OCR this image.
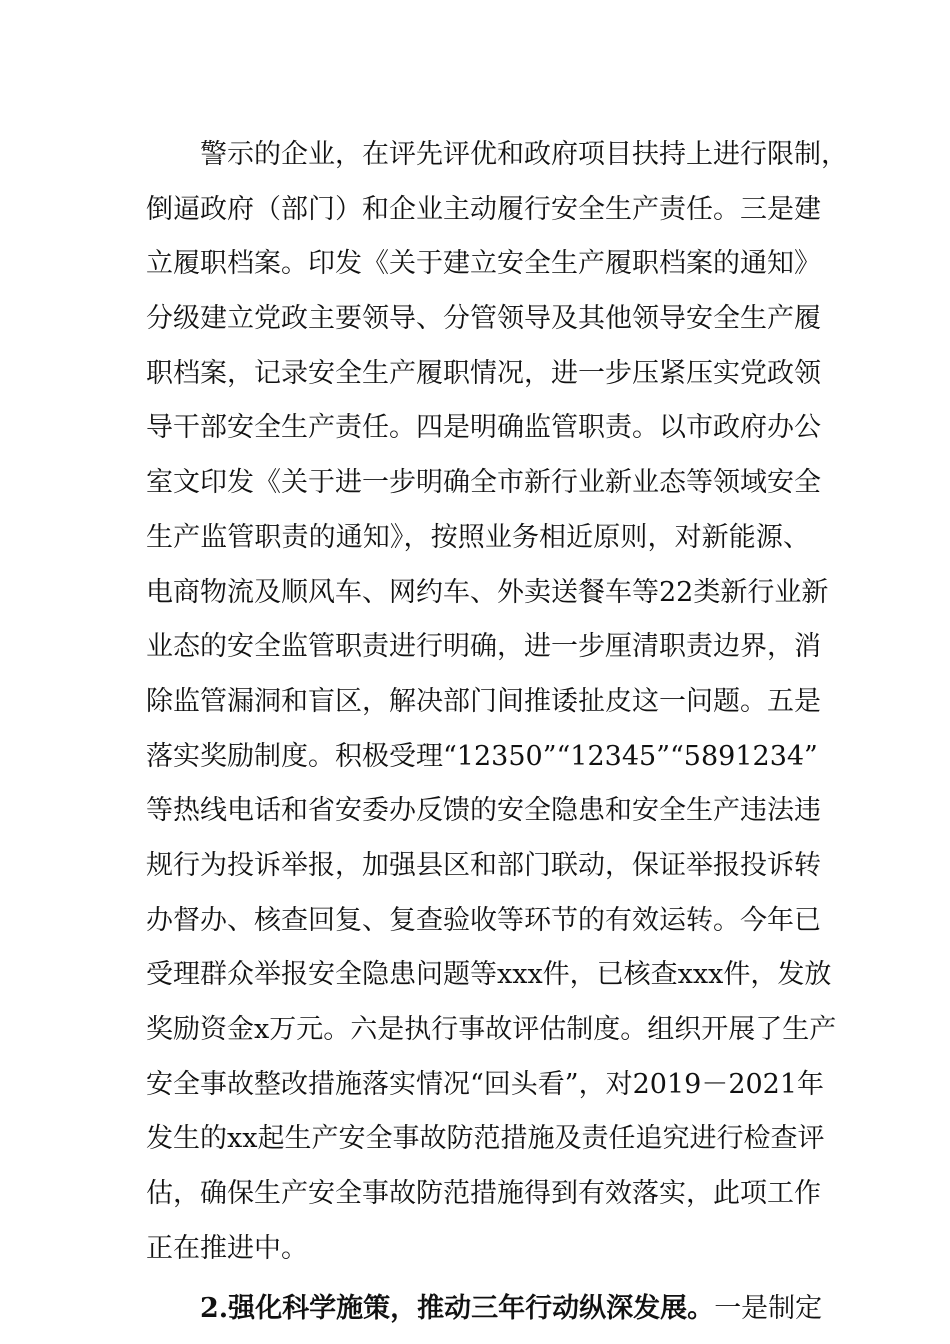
警示的企业，在评先评优和政府项目扶持上进行限制，
倒逼政府（部门）和企业主动履行安全生产责任。三是建
立履职档案。印发《关于建立安全生产履职档案的通知》
分级建立党政主要领导、分管领导及其他领导安全生产履
职档案，记录安全生产履职情况，进一步压紧压实党政领
导干部安全生产责任。四是明确监管职责。以市政府办公
室文印发《关于进一步明确全市新行业新业态等领域安全
生产监管职责的通知》，按照业务相近原则，对新能源、
电商物流及顺风车、网约车、外卖送餐车等22类新行业新
业态的安全监管职责进行明确，进一步厘清职责边界，消
除监管漏洞和盲区，解决部门间推诿扯皮这一问题。五是
落实奖励制度。积极受理“12350”“12345”“5891234”
等热线电话和省安委办反馈的安全隐患和安全生产违法违
规行为投诉举报，加强县区和部门联动，保证举报投诉转
办督办、核查回复、复查验收等环节的有效运转。今年已
受理群众举报安全隐患问题等xxx件，已核查xxx件，发放
奖励资金x万元。六是执行事故评估制度。组织开展了生产
安全事故整改措施落实情况“回头看”，对2019－2021年
发生的xx起生产安全事故防范措施及责任追究进行检查评
估，确保生产安全事故防范措施得到有效落实，此项工作
正在推进中。
2.强化科学施策，推动三年行动纵深发展。一是制定
